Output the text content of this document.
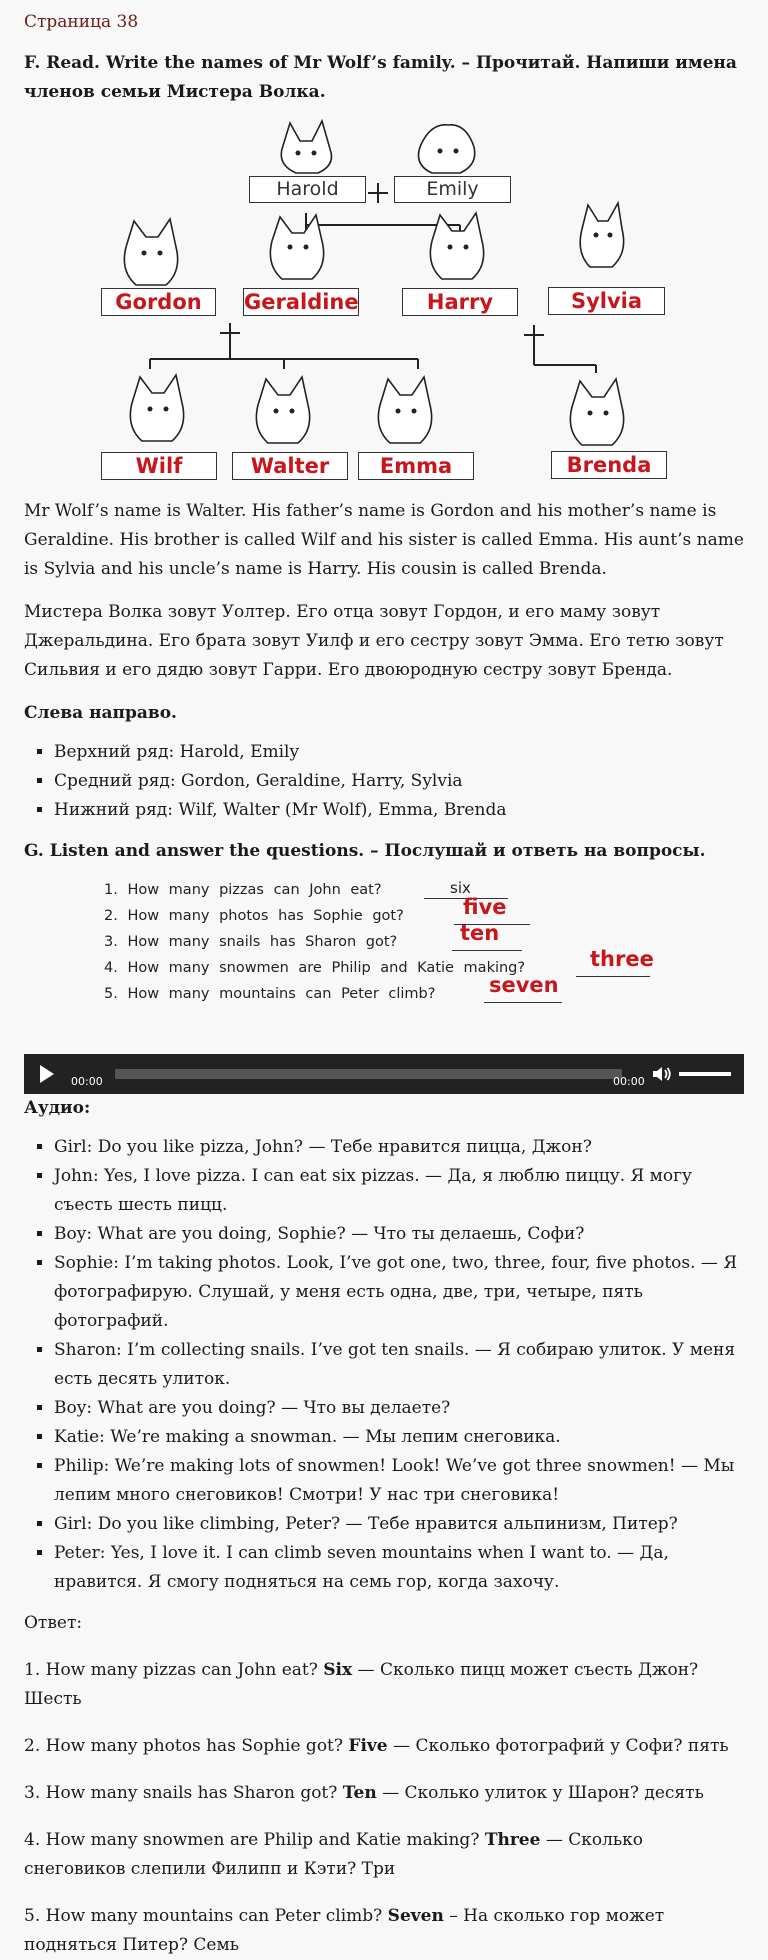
Страница 38
F. Read. Write the names of Mr Wolf’s family. – Прочитай. Напиши имена членов семьи Мистера Волка.
Harold	Emily
Gordon	Geraldine	Harry	Sylvia
Wilf	Walter	Emma	Brenda

Mr Wolf’s name is Walter. His father’s name is Gordon and his mother’s name is Geraldine. His brother is called Wilf and his sister is called Emma. His aunt’s name is Sylvia and his uncle’s name is Harry. His cousin is called Brenda.

Мистера Волка зовут Уолтер. Его отца зовут Гордон, и его маму зовут Джеральдина. Его брата зовут Уилф и его сестру зовут Эмма. Его тетю зовут Сильвия и его дядю зовут Гарри. Его двоюродную сестру зовут Бренда.

Слева направо.

▪ Верхний ряд: Harold, Emily
▪ Средний ряд: Gordon, Geraldine, Harry, Sylvia
▪ Нижний ряд: Wilf, Walter (Mr Wolf), Emma, Brenda
G. Listen and answer the questions. – Послушай и ответь на вопросы.
1. How many pizzas can John eat?	six
2. How many photos has Sophie got?	five
3. How many snails has Sharon got?	ten
4. How many snowmen are Philip and Katie making?	three
5. How many mountains can Peter climb?	seven
00:00	00:00

Аудио:

▪ Girl: Do you like pizza, John? — Тебе нравится пицца, Джон?
▪ John: Yes, I love pizza. I can eat six pizzas. — Да, я люблю пиццу. Я могу съесть шесть пицц.
▪ Boy: What are you doing, Sophie? — Что ты делаешь, Софи?
▪ Sophie: I’m taking photos. Look, I’ve got one, two, three, four, five photos. — Я фотографирую. Слушай, у меня есть одна, две, три, четыре, пять фотографий.
▪ Sharon: I’m collecting snails. I’ve got ten snails. — Я собираю улиток. У меня есть десять улиток.
▪ Boy: What are you doing? — Что вы делаете?
▪ Katie: We’re making a snowman. — Мы лепим снеговика.
▪ Philip: We’re making lots of snowmen! Look! We’ve got three snowmen! — Мы лепим много снеговиков! Смотри! У нас три снеговика!
▪ Girl: Do you like climbing, Peter? — Тебе нравится альпинизм, Питер?
▪ Peter: Yes, I love it. I can climb seven mountains when I want to. — Да, нравится. Я смогу подняться на семь гор, когда захочу.

Ответ:

1. How many pizzas can John eat? Six — Сколько пицц может съесть Джон? Шесть

2. How many photos has Sophie got? Five — Сколько фотографий у Софи? пять

3. How many snails has Sharon got? Ten — Сколько улиток у Шарон? десять

4. How many snowmen are Philip and Katie making? Three — Сколько снеговиков слепили Филипп и Кэти? Три

5. How many mountains can Peter climb? Seven – На сколько гор может подняться Питер? Семь
